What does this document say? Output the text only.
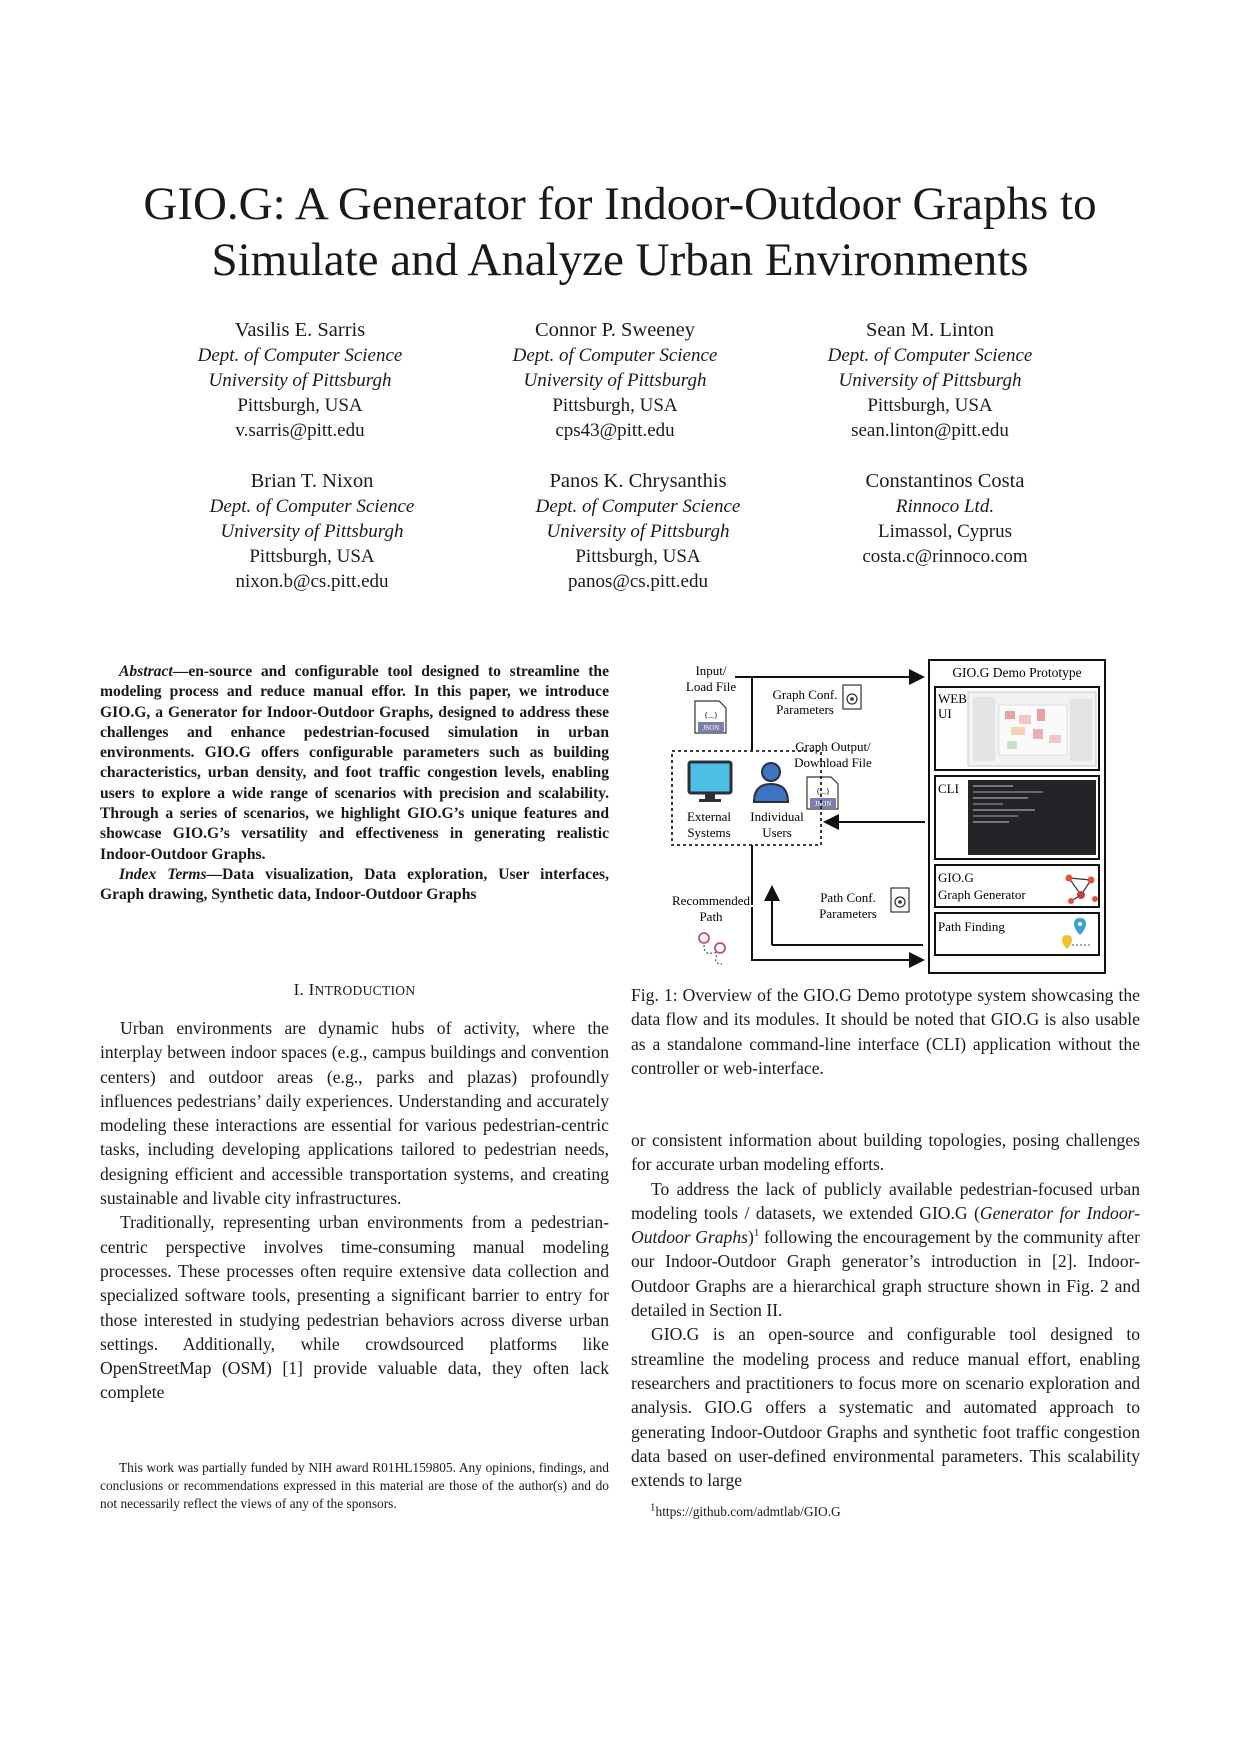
GIO.G: A Generator for Indoor-Outdoor Graphs to Simulate and Analyze Urban Environments
Vasilis E. Sarris
Dept. of Computer Science
University of Pittsburgh
Pittsburgh, USA
v.sarris@pitt.edu
Connor P. Sweeney
Dept. of Computer Science
University of Pittsburgh
Pittsburgh, USA
cps43@pitt.edu
Sean M. Linton
Dept. of Computer Science
University of Pittsburgh
Pittsburgh, USA
sean.linton@pitt.edu
Brian T. Nixon
Dept. of Computer Science
University of Pittsburgh
Pittsburgh, USA
nixon.b@cs.pitt.edu
Panos K. Chrysanthis
Dept. of Computer Science
University of Pittsburgh
Pittsburgh, USA
panos@cs.pitt.edu
Constantinos Costa
Rinnoco Ltd.
Limassol, Cyprus
costa.c@rinnoco.com

Abstract—en-source and configurable tool designed to streamline the modeling process and reduce manual effor. In this paper, we introduce GIO.G, a Generator for Indoor-Outdoor Graphs, designed to address these challenges and enhance pedestrian-focused simulation in urban environments. GIO.G offers configurable parameters such as building characteristics, urban density, and foot traffic congestion levels, enabling users to explore a wide range of scenarios with precision and scalability. Through a series of scenarios, we highlight GIO.G’s unique features and showcase GIO.G’s versatility and effectiveness in generating realistic Indoor-Outdoor Graphs.

Index Terms—Data visualization, Data exploration, User interfaces, Graph drawing, Synthetic data, Indoor-Outdoor Graphs

I. INTRODUCTION

Urban environments are dynamic hubs of activity, where the interplay between indoor spaces (e.g., campus buildings and convention centers) and outdoor areas (e.g., parks and plazas) profoundly influences pedestrians’ daily experiences. Understanding and accurately modeling these interactions are essential for various pedestrian-centric tasks, including developing applications tailored to pedestrian needs, designing efficient and accessible transportation systems, and creating sustainable and livable city infrastructures.

Traditionally, representing urban environments from a pedestrian-centric perspective involves time-consuming manual modeling processes. These processes often require extensive data collection and specialized software tools, presenting a significant barrier to entry for those interested in studying pedestrian behaviors across diverse urban settings. Additionally, while crowdsourced platforms like OpenStreetMap (OSM) [1] provide valuable data, they often lack complete

This work was partially funded by NIH award R01HL159805. Any opinions, findings, and conclusions or recommendations expressed in this material are those of the author(s) and do not necessarily reflect the views of any of the sponsors.

Input/
Load File
{...}
JSON
Graph Conf.
Parameters
Graph Output/
Download File
{...}
JSON
External
Systems
Individual
Users
Recommended
Path
Path Conf.
Parameters
GIO.G Demo Prototype
WEB
UI
CLI
GIO.G
Graph Generator
Path Finding
Fig. 1: Overview of the GIO.G Demo prototype system showcasing the data flow and its modules. It should be noted that GIO.G is also usable as a standalone command-line interface (CLI) application without the controller or web-interface.

or consistent information about building topologies, posing challenges for accurate urban modeling efforts.

To address the lack of publicly available pedestrian-focused urban modeling tools / datasets, we extended GIO.G (Generator for Indoor-Outdoor Graphs)$^1$ following the encouragement by the community after our Indoor-Outdoor Graph generator’s introduction in [2]. Indoor-Outdoor Graphs are a hierarchical graph structure shown in Fig. 2 and detailed in Section II.

GIO.G is an open-source and configurable tool designed to streamline the modeling process and reduce manual effort, enabling researchers and practitioners to focus more on scenario exploration and analysis. GIO.G offers a systematic and automated approach to generating Indoor-Outdoor Graphs and synthetic foot traffic congestion data based on user-defined environmental parameters. This scalability extends to large

$^1$https://github.com/admtlab/GIO.G
